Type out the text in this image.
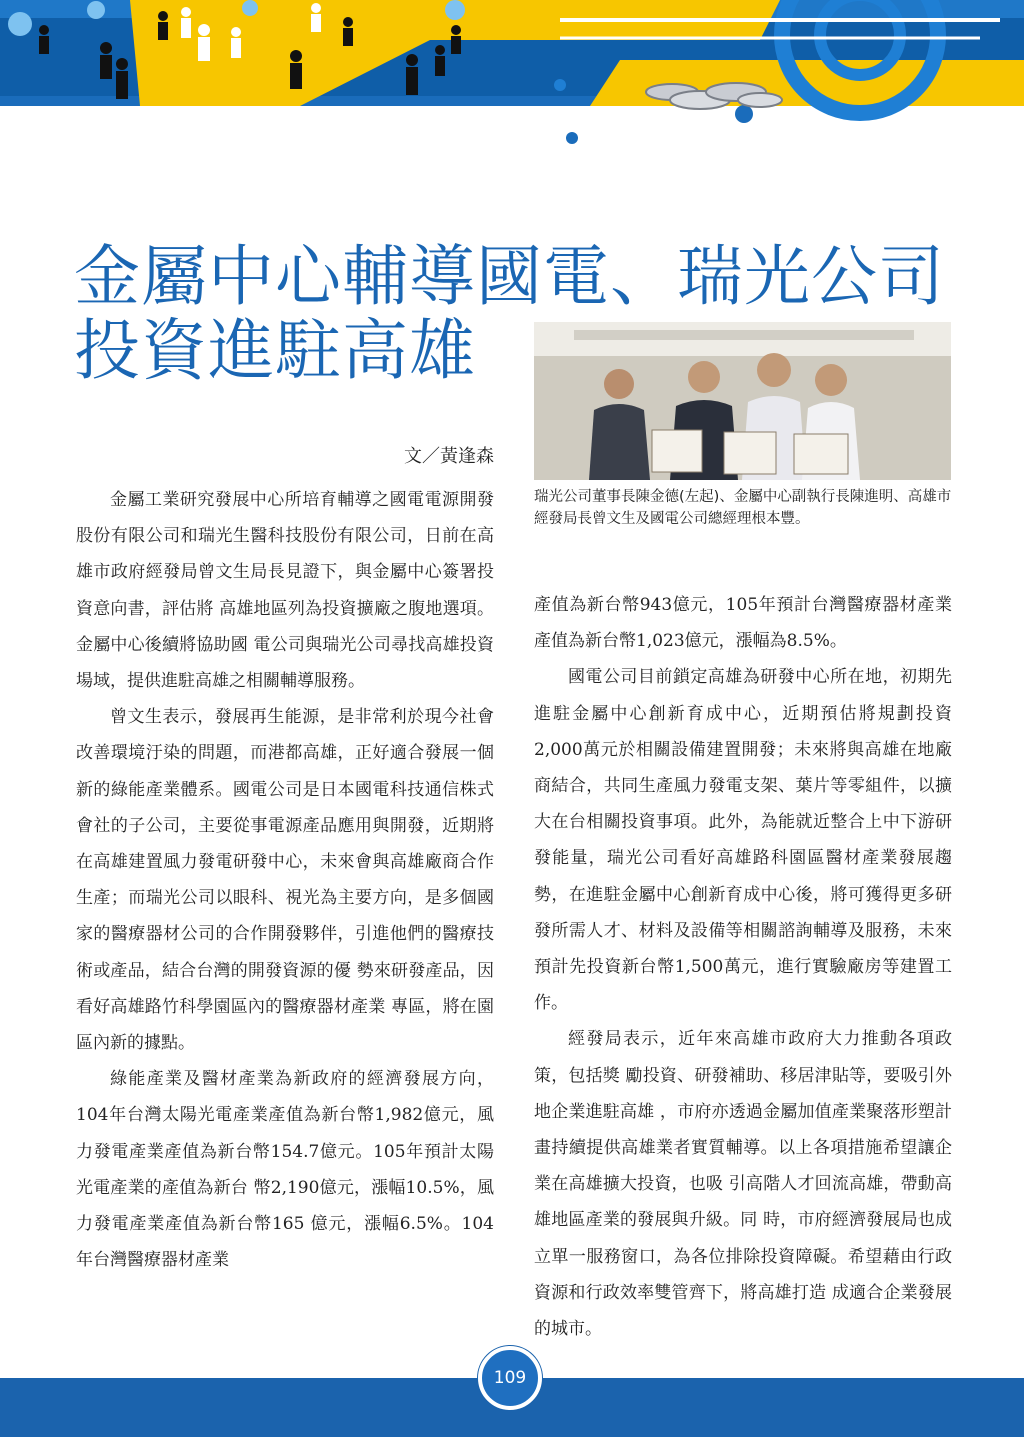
金屬中心輔導國電、瑞光公司
投資進駐高雄
文／黃逢森
瑞光公司董事長陳金德(左起)、金屬中心副執行長陳進明、高雄市經發局長曾文生及國電公司總經理根本豐。

金屬工業研究發展中心所培育輔導之國電電源開發股份有限公司和瑞光生醫科技股份有限公司，日前在高雄市政府經發局曾文生局長見證下，與金屬中心簽署投資意向書，評估將 高雄地區列為投資擴廠之腹地選項。金屬中心後續將協助國 電公司與瑞光公司尋找高雄投資場域，提供進駐高雄之相關輔導服務。

曾文生表示，發展再生能源，是非常利於現今社會改善環境汙染的問題，而港都高雄，正好適合發展一個新的綠能產業體系。國電公司是日本國電科技通信株式會社的子公司，主要從事電源產品應用與開發，近期將在高雄建置風力發電研發中心，未來會與高雄廠商合作生產；而瑞光公司以眼科、視光為主要方向，是多個國家的醫療器材公司的合作開發夥伴，引進他們的醫療技術或產品，結合台灣的開發資源的優 勢來研發產品，因看好高雄路竹科學園區內的醫療器材產業 專區，將在園區內新的據點。

綠能產業及醫材產業為新政府的經濟發展方向，104年台灣太陽光電產業產值為新台幣1,982億元，風力發電產業產值為新台幣154.7億元。105年預計太陽光電產業的產值為新台 幣2,190億元，漲幅10.5%，風力發電產業產值為新台幣165 億元，漲幅6.5%。104年台灣醫療器材產業

產值為新台幣943億元，105年預計台灣醫療器材產業產值為新台幣1,023億元，漲幅為8.5%。

國電公司目前鎖定高雄為研發中心所在地，初期先進駐金屬中心創新育成中心，近期預估將規劃投資2,000萬元於相關設備建置開發；未來將與高雄在地廠商結合，共同生產風力發電支架、葉片等零組件，以擴大在台相關投資事項。此外，為能就近整合上中下游研發能量，瑞光公司看好高雄路科園區醫材產業發展趨勢，在進駐金屬中心創新育成中心後，將可獲得更多研發所需人才、材料及設備等相關諮詢輔導及服務，未來預計先投資新台幣1,500萬元，進行實驗廠房等建置工作。

經發局表示，近年來高雄市政府大力推動各項政策，包括獎 勵投資、研發補助、移居津貼等，要吸引外地企業進駐高雄 ，市府亦透過金屬加值產業聚落形塑計畫持續提供高雄業者實質輔導。以上各項措施希望讓企業在高雄擴大投資，也吸 引高階人才回流高雄，帶動高雄地區產業的發展與升級。同 時，市府經濟發展局也成立單一服務窗口，為各位排除投資障礙。希望藉由行政資源和行政效率雙管齊下，將高雄打造 成適合企業發展的城市。

109
